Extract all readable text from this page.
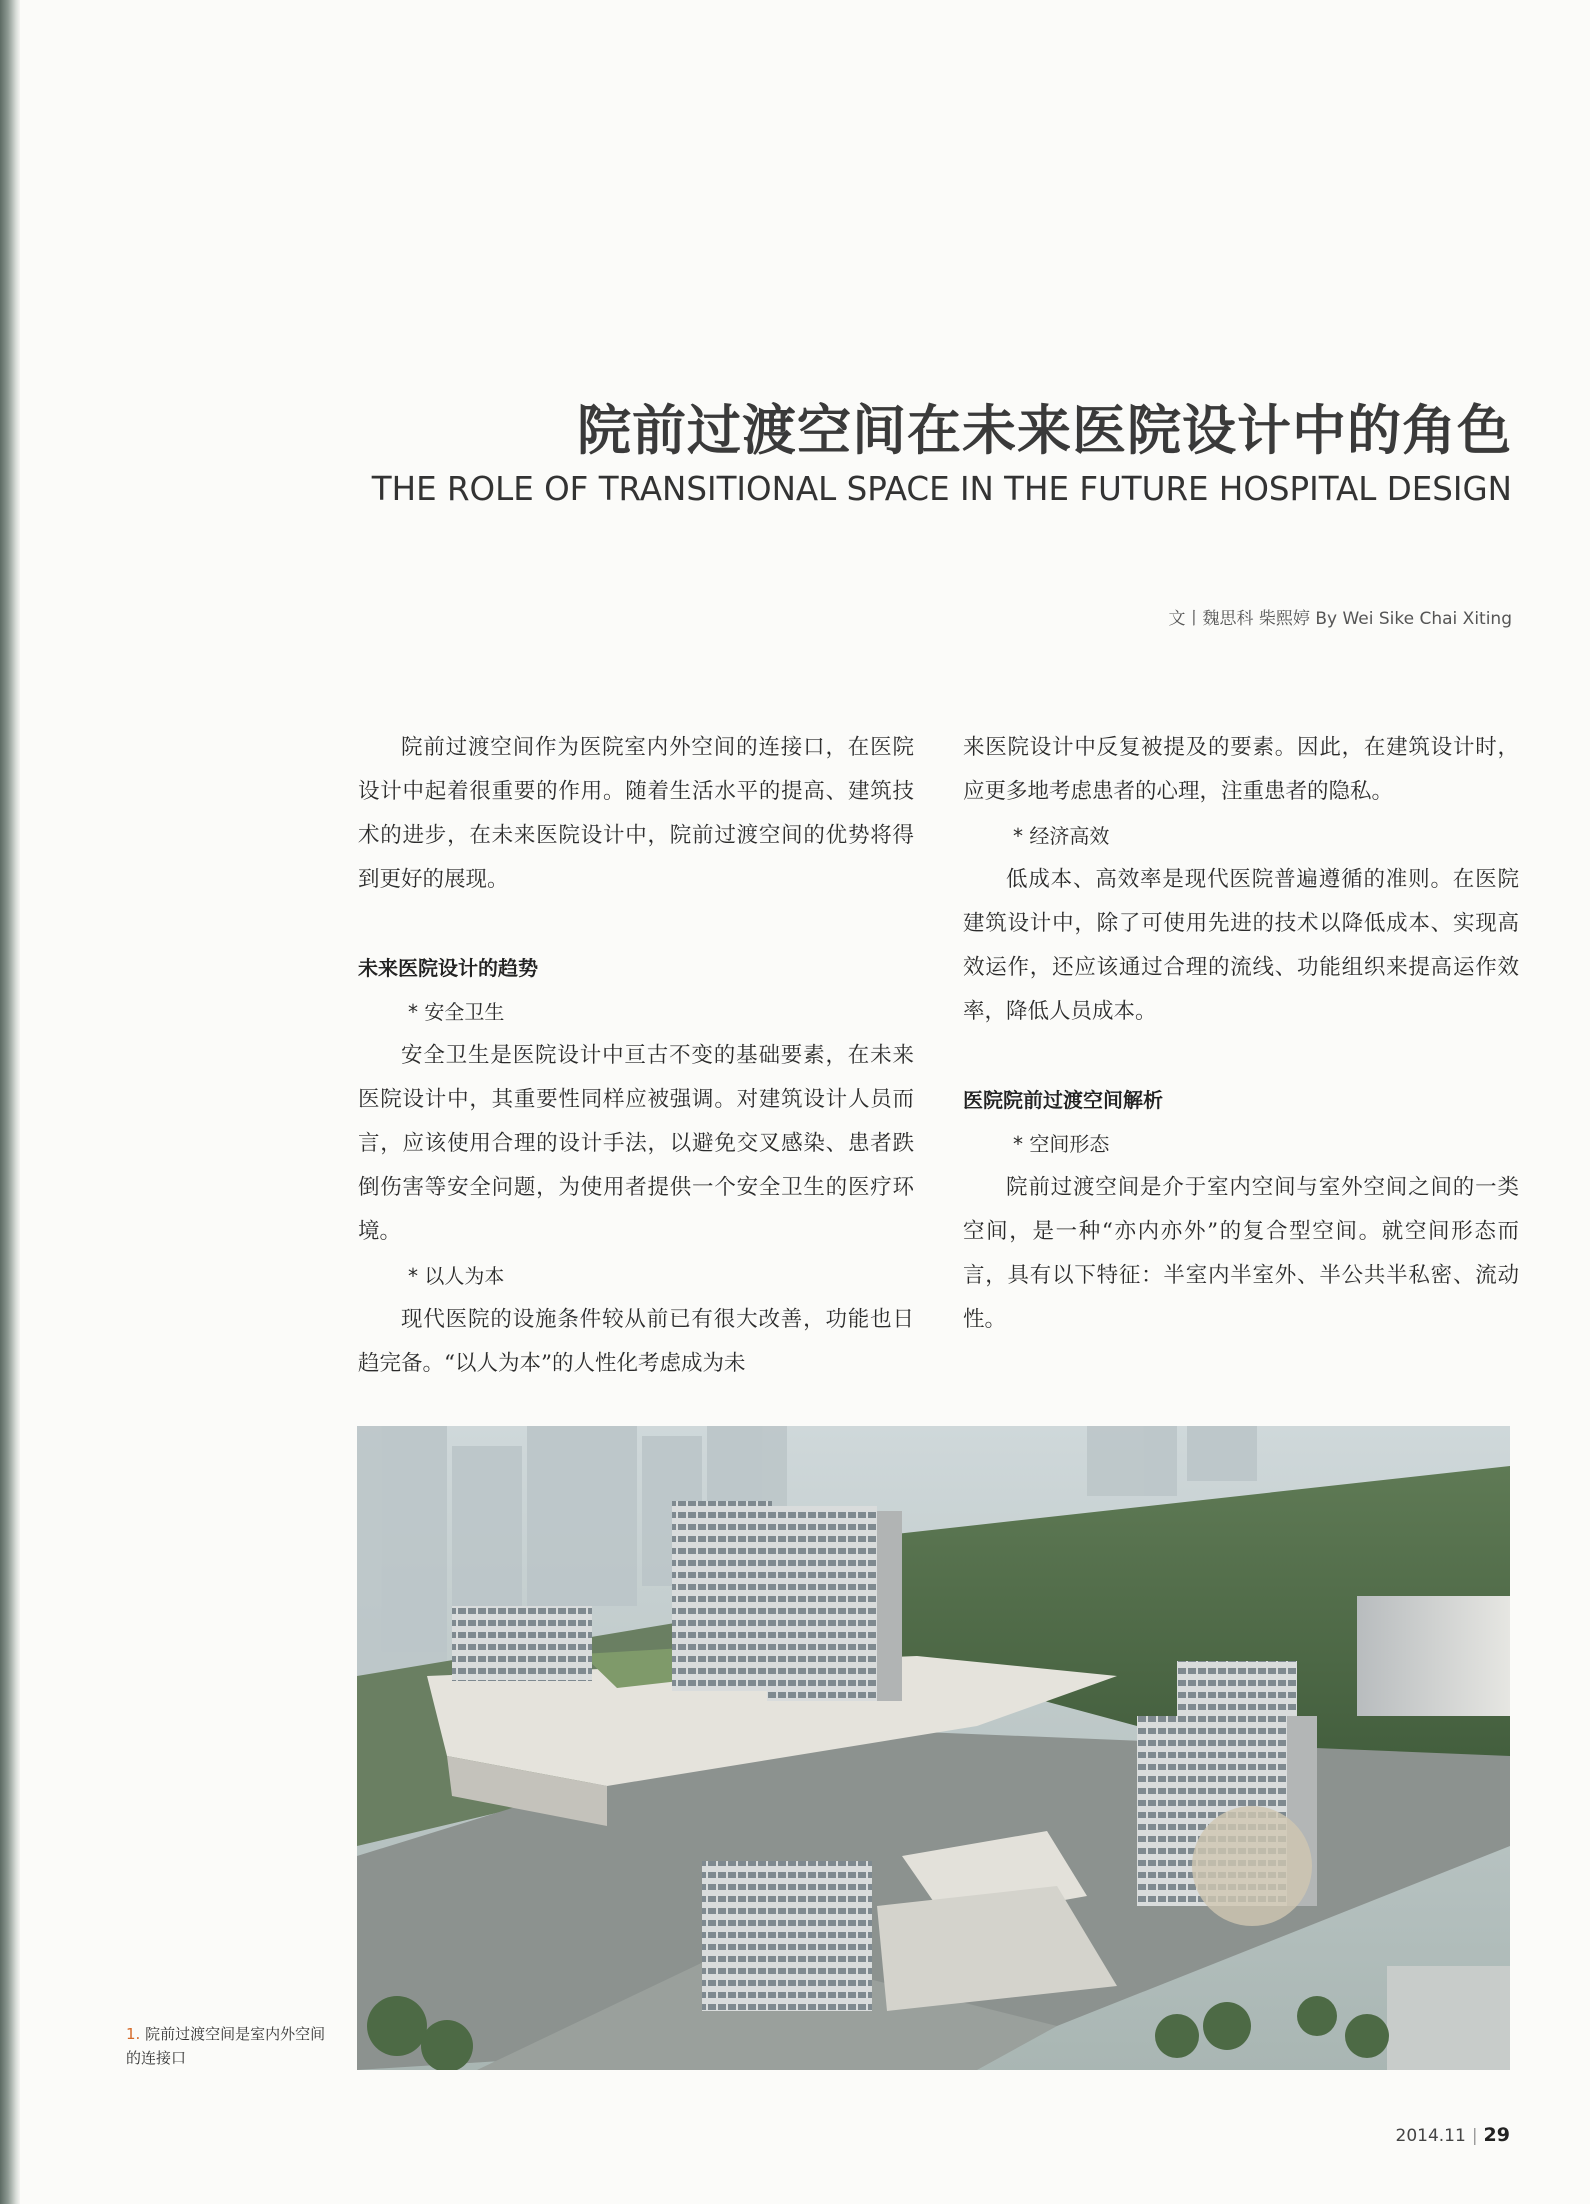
院前过渡空间在未来医院设计中的角色
THE ROLE OF TRANSITIONAL SPACE IN THE FUTURE HOSPITAL DESIGN

文丨魏思科 柴熙婷 By Wei Sike Chai Xiting

院前过渡空间作为医院室内外空间的连接口，在医院设计中起着很重要的作用。随着生活水平的提高、建筑技术的进步，在未来医院设计中，院前过渡空间的优势将得到更好的展现。

未来医院设计的趋势

* 安全卫生

安全卫生是医院设计中亘古不变的基础要素，在未来医院设计中，其重要性同样应被强调。对建筑设计人员而言，应该使用合理的设计手法，以避免交叉感染、患者跌倒伤害等安全问题，为使用者提供一个安全卫生的医疗环境。

* 以人为本

现代医院的设施条件较从前已有很大改善，功能也日趋完备。“以人为本”的人性化考虑成为未

来医院设计中反复被提及的要素。因此，在建筑设计时，应更多地考虑患者的心理，注重患者的隐私。

* 经济高效

低成本、高效率是现代医院普遍遵循的准则。在医院建筑设计中，除了可使用先进的技术以降低成本、实现高效运作，还应该通过合理的流线、功能组织来提高运作效率，降低人员成本。

医院院前过渡空间解析

* 空间形态

院前过渡空间是介于室内空间与室外空间之间的一类空间，是一种“亦内亦外”的复合型空间。就空间形态而言，具有以下特征：半室内半室外、半公共半私密、流动性。

1. 院前过渡空间是室内外空间的连接口
2014.11 | 29
